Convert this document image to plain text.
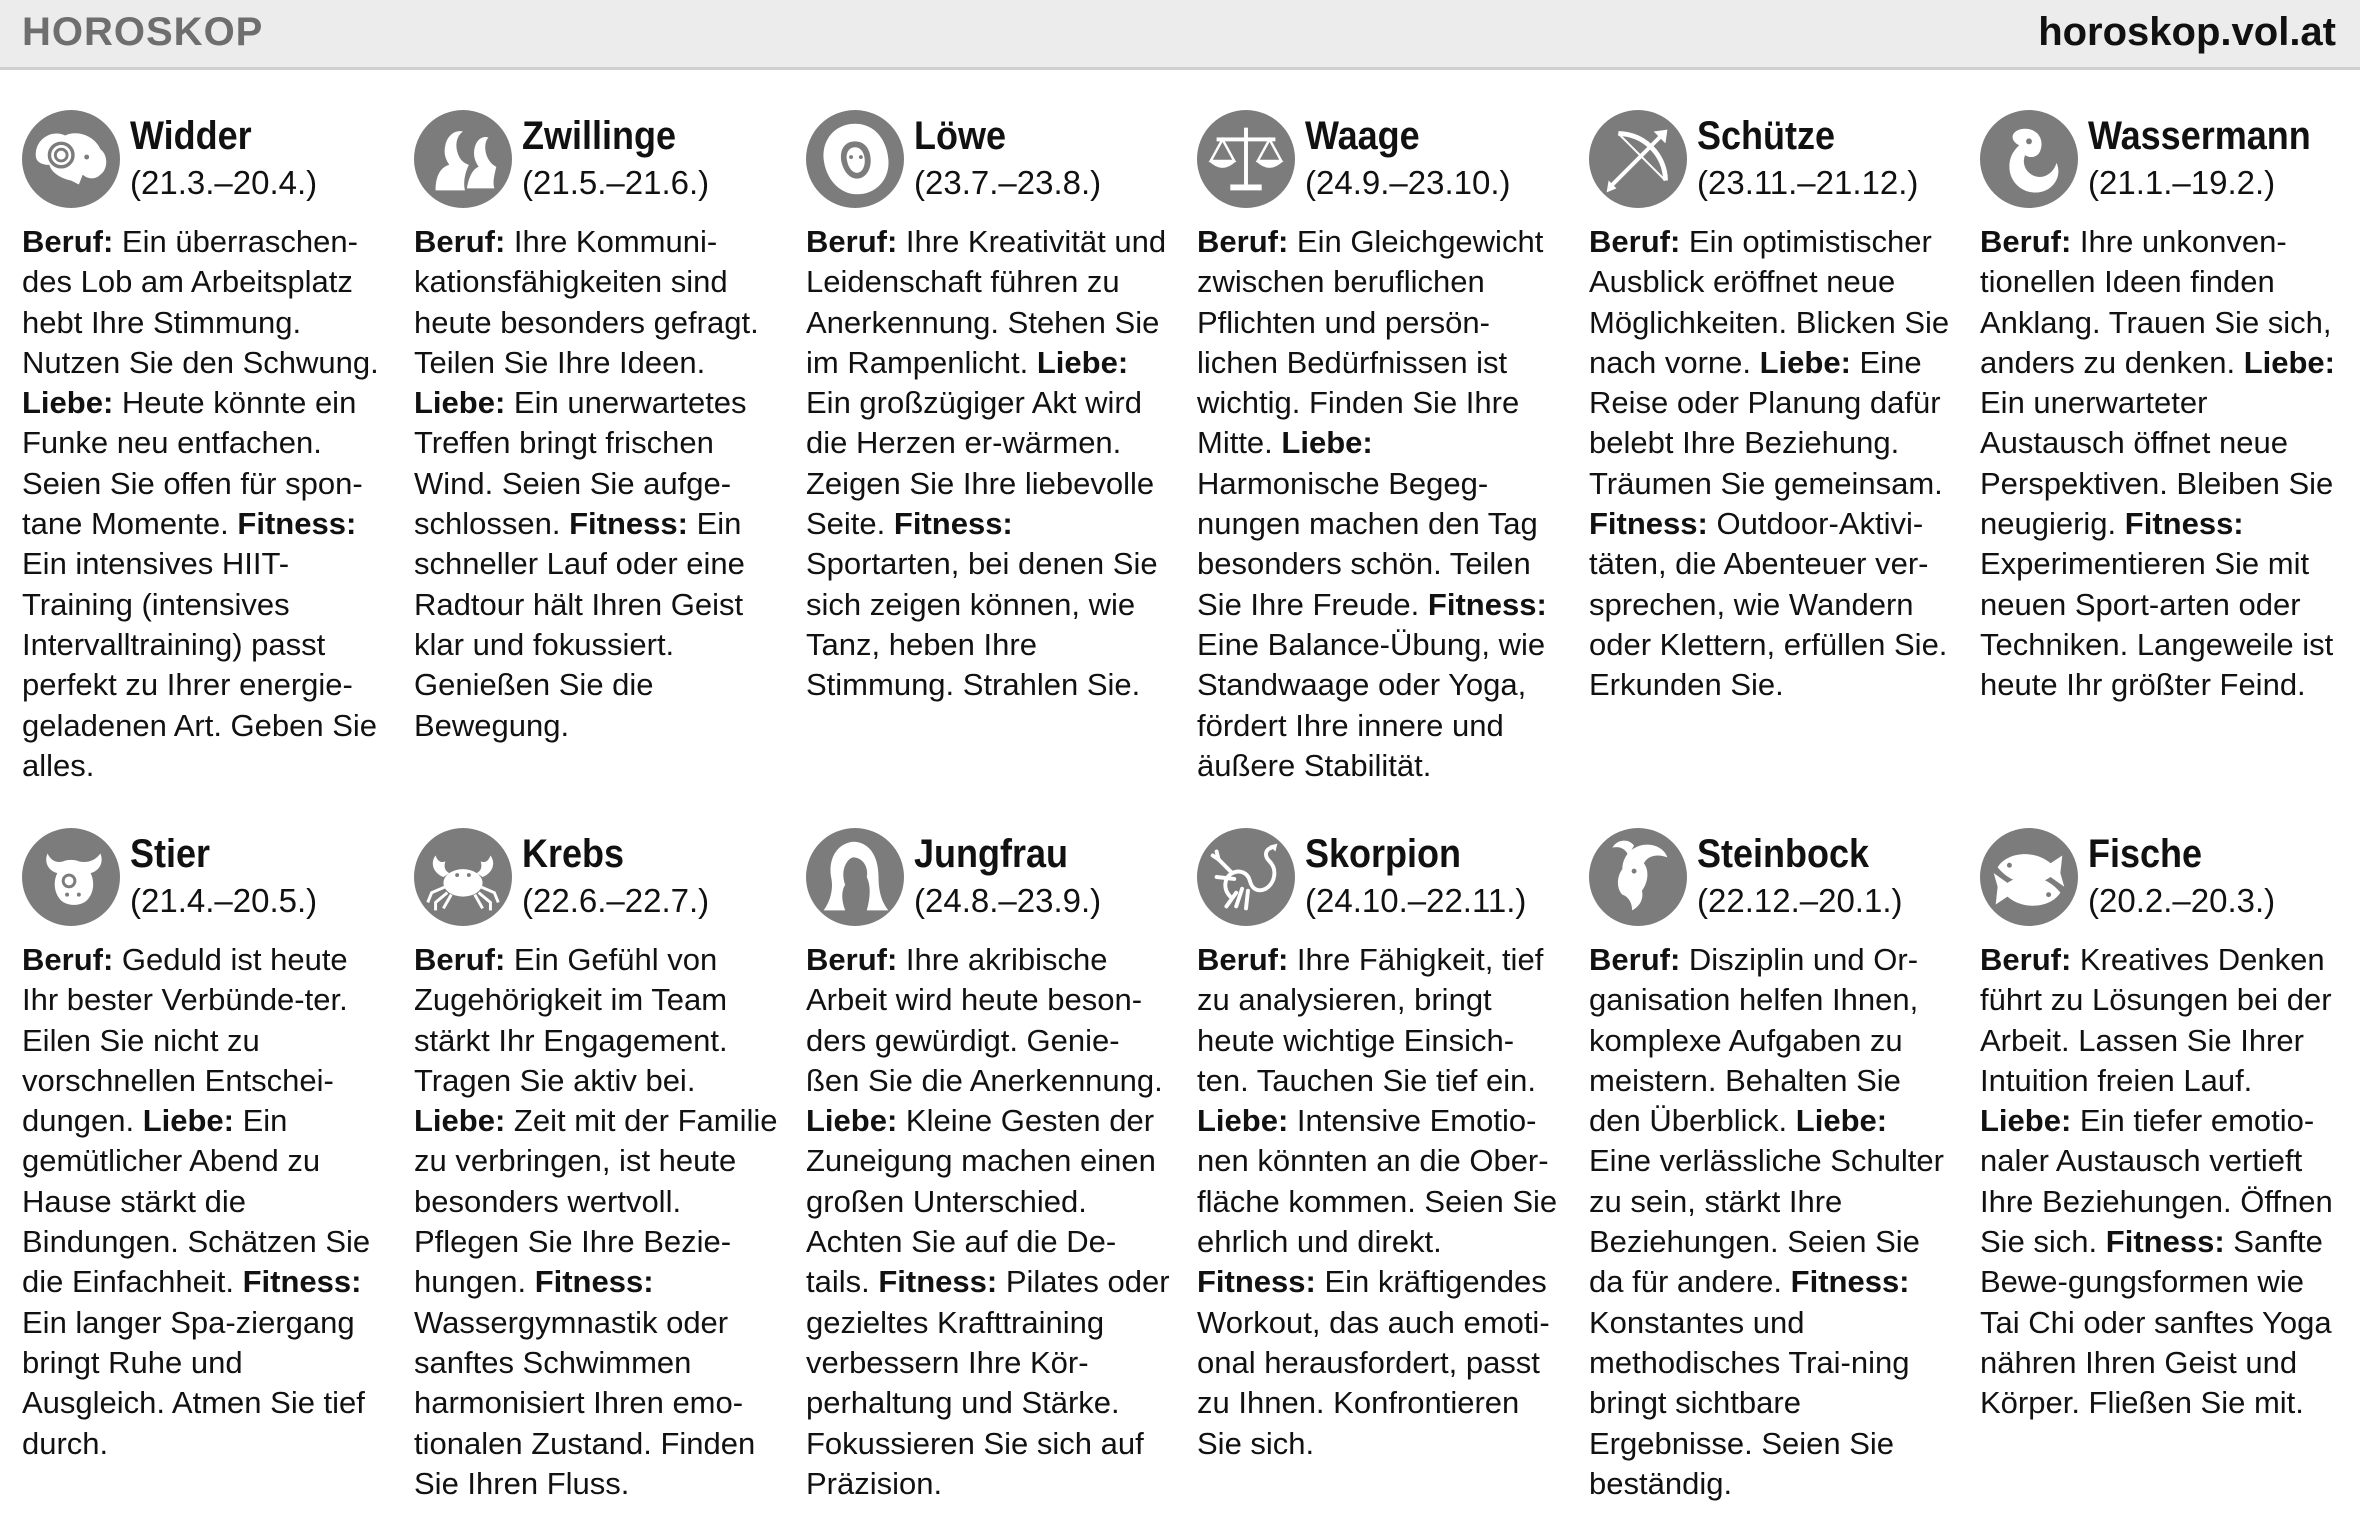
HOROSKOP	horoskop.vol.at
Widder
(21.3.–20.4.)
Beruf: Ein überraschen-des Lob am Arbeitsplatz hebt Ihre Stimmung. Nutzen Sie den Schwung. Liebe: Heute könnte ein Funke neu entfachen. Seien Sie offen für spon-tane Momente. Fitness: Ein intensives HIIT-Training (intensives Intervalltraining) passt perfekt zu Ihrer energie-geladenen Art. Geben Sie alles.
Zwillinge
(21.5.–21.6.)
Beruf: Ihre Kommuni-kationsfähigkeiten sind heute besonders gefragt. Teilen Sie Ihre Ideen. Liebe: Ein unerwartetes Treffen bringt frischen Wind. Seien Sie aufge-schlossen. Fitness: Ein schneller Lauf oder eine Radtour hält Ihren Geist klar und fokussiert. Genießen Sie die Bewegung.
Löwe
(23.7.–23.8.)
Beruf: Ihre Kreativität und Leidenschaft führen zu Anerkennung. Stehen Sie im Rampenlicht. Liebe: Ein großzügiger Akt wird die Herzen er-wärmen. Zeigen Sie Ihre liebevolle Seite. Fitness: Sportarten, bei denen Sie sich zeigen können, wie Tanz, heben Ihre Stimmung. Strahlen Sie.
Waage
(24.9.–23.10.)
Beruf: Ein Gleichgewicht zwischen beruflichen Pflichten und persön-lichen Bedürfnissen ist wichtig. Finden Sie Ihre Mitte. Liebe: Harmonische Begeg-nungen machen den Tag besonders schön. Teilen Sie Ihre Freude. Fitness: Eine Balance-Übung, wie Standwaage oder Yoga, fördert Ihre innere und äußere Stabilität.
Schütze
(23.11.–21.12.)
Beruf: Ein optimistischer Ausblick eröffnet neue Möglichkeiten. Blicken Sie nach vorne. Liebe: Eine Reise oder Planung dafür belebt Ihre Beziehung. Träumen Sie gemeinsam. Fitness: Outdoor-Aktivi-täten, die Abenteuer ver-sprechen, wie Wandern oder Klettern, erfüllen Sie. Erkunden Sie.
Wassermann
(21.1.–19.2.)
Beruf: Ihre unkonven-tionellen Ideen finden Anklang. Trauen Sie sich, anders zu denken. Liebe: Ein unerwarteter Austausch öffnet neue Perspektiven. Bleiben Sie neugierig. Fitness: Experimentieren Sie mit neuen Sport-arten oder Techniken. Langeweile ist heute Ihr größter Feind.
Stier
(21.4.–20.5.)
Beruf: Geduld ist heute Ihr bester Verbünde-ter. Eilen Sie nicht zu vorschnellen Entschei-dungen. Liebe: Ein gemütlicher Abend zu Hause stärkt die Bindungen. Schätzen Sie die Einfachheit. Fitness: Ein langer Spa-ziergang bringt Ruhe und Ausgleich. Atmen Sie tief durch.
Krebs
(22.6.–22.7.)
Beruf: Ein Gefühl von Zugehörigkeit im Team stärkt Ihr Engagement. Tragen Sie aktiv bei. Liebe: Zeit mit der Familie zu verbringen, ist heute besonders wertvoll. Pflegen Sie Ihre Bezie-hungen. Fitness: Wassergymnastik oder sanftes Schwimmen harmonisiert Ihren emo-tionalen Zustand. Finden Sie Ihren Fluss.
Jungfrau
(24.8.–23.9.)
Beruf: Ihre akribische Arbeit wird heute beson-ders gewürdigt. Genie-ßen Sie die Anerkennung. Liebe: Kleine Gesten der Zuneigung machen einen großen Unterschied. Achten Sie auf die De-tails. Fitness: Pilates oder gezieltes Krafttraining verbessern Ihre Kör-perhaltung und Stärke. Fokussieren Sie sich auf Präzision.
Skorpion
(24.10.–22.11.)
Beruf: Ihre Fähigkeit, tief zu analysieren, bringt heute wichtige Einsich-ten. Tauchen Sie tief ein. Liebe: Intensive Emotio-nen könnten an die Ober-fläche kommen. Seien Sie ehrlich und direkt. Fitness: Ein kräftigendes Workout, das auch emoti-onal herausfordert, passt zu Ihnen. Konfrontieren Sie sich.
Steinbock
(22.12.–20.1.)
Beruf: Disziplin und Or-ganisation helfen Ihnen, komplexe Aufgaben zu meistern. Behalten Sie den Überblick. Liebe: Eine verlässliche Schulter zu sein, stärkt Ihre Beziehungen. Seien Sie da für andere. Fitness: Konstantes und methodisches Trai-ning bringt sichtbare Ergebnisse. Seien Sie beständig.
Fische
(20.2.–20.3.)
Beruf: Kreatives Denken führt zu Lösungen bei der Arbeit. Lassen Sie Ihrer Intuition freien Lauf. Liebe: Ein tiefer emotio-naler Austausch vertieft Ihre Beziehungen. Öffnen Sie sich. Fitness: Sanfte Bewe-gungsformen wie Tai Chi oder sanftes Yoga nähren Ihren Geist und Körper. Fließen Sie mit.
